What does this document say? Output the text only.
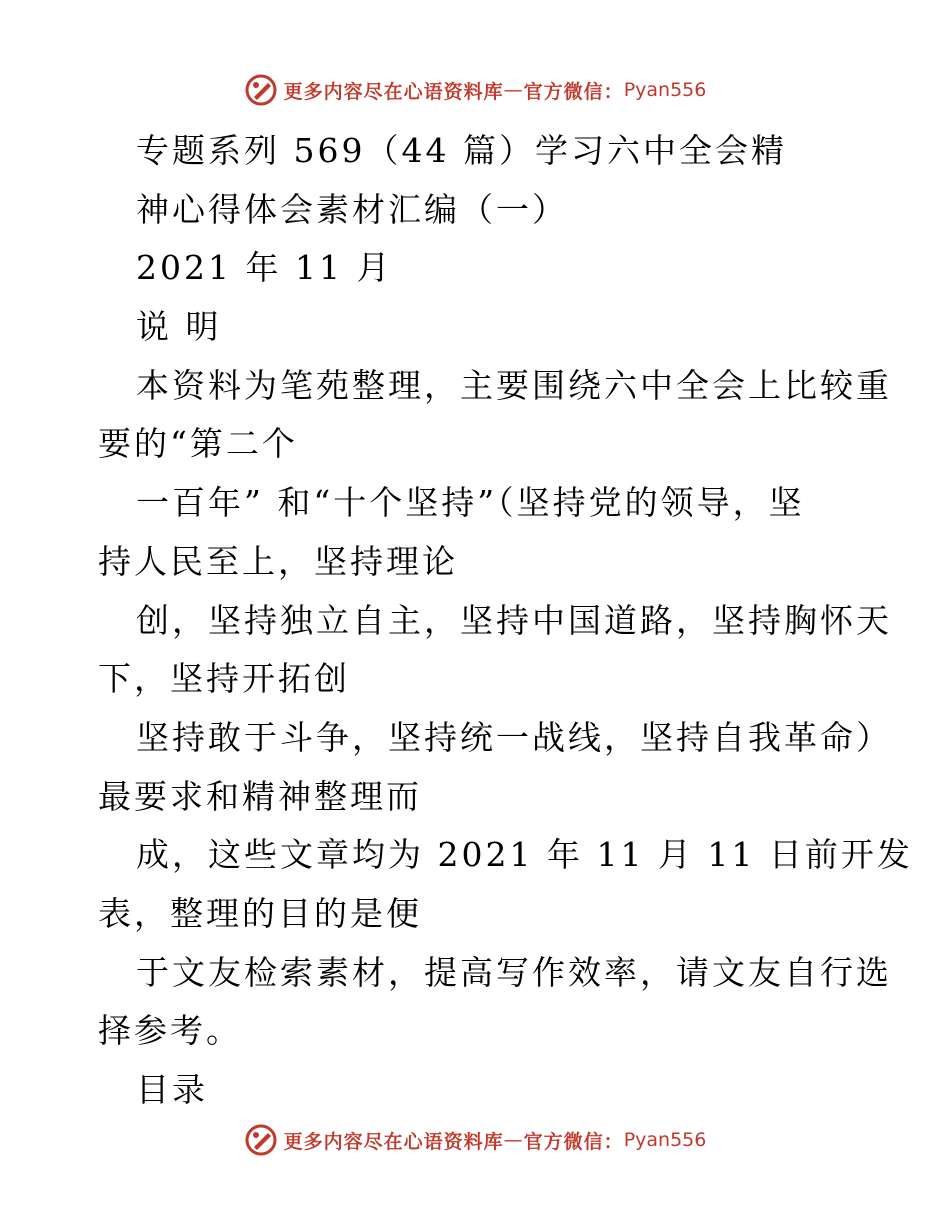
更多内容尽在心语资料库 — 官方微信： Pyan556
专题系列 569（44 篇）学习六中全会精
神心得体会素材汇编（一）
2021 年 11 月
说 明
本资料为笔苑整理，主要围绕六中全会上比较重
要的“第二个
一百年” 和“十个坚持”（坚持党的领导，坚
持人民至上，坚持理论
创，坚持独立自主，坚持中国道路，坚持胸怀天
下，坚持开拓创
坚持敢于斗争，坚持统一战线，坚持自我革命）
最要求和精神整理而
成，这些文章均为 2021 年 11 月 11 日前开发
表，整理的目的是便
于文友检索素材，提高写作效率，请文友自行选
择参考。
目录
更多内容尽在心语资料库 — 官方微信： Pyan556
